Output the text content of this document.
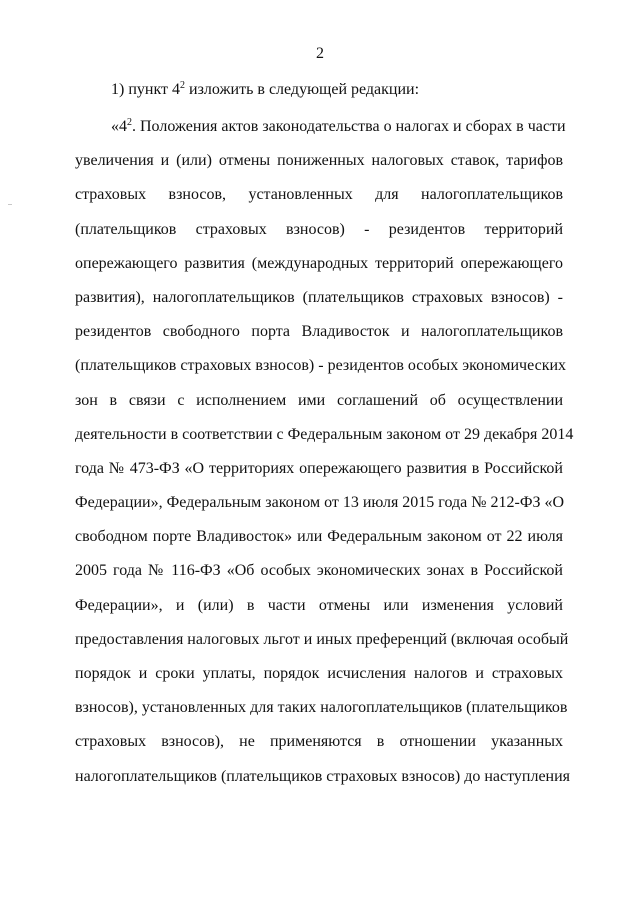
2
1) пункт $4^2$ изложить в следующей редакции:
«$4^2$. Положения актов законодательства о налогах и сборах в части
увеличения и (или) отмены пониженных налоговых ставок, тарифов
страховых взносов, установленных для налогоплательщиков
(плательщиков страховых взносов) - резидентов территорий
опережающего развития (международных территорий опережающего
развития), налогоплательщиков (плательщиков страховых взносов) -
резидентов свободного порта Владивосток и налогоплательщиков
(плательщиков страховых взносов) - резидентов особых экономических
зон в связи с исполнением ими соглашений об осуществлении
деятельности в соответствии с Федеральным законом от 29 декабря 2014
года № 473-ФЗ «О территориях опережающего развития в Российской
Федерации», Федеральным законом от 13 июля 2015 года № 212-ФЗ «О
свободном порте Владивосток» или Федеральным законом от 22 июля
2005 года № 116-ФЗ «Об особых экономических зонах в Российской
Федерации», и (или) в части отмены или изменения условий
предоставления налоговых льгот и иных преференций (включая особый
порядок и сроки уплаты, порядок исчисления налогов и страховых
взносов), установленных для таких налогоплательщиков (плательщиков
страховых взносов), не применяются в отношении указанных
налогоплательщиков (плательщиков страховых взносов) до наступления
